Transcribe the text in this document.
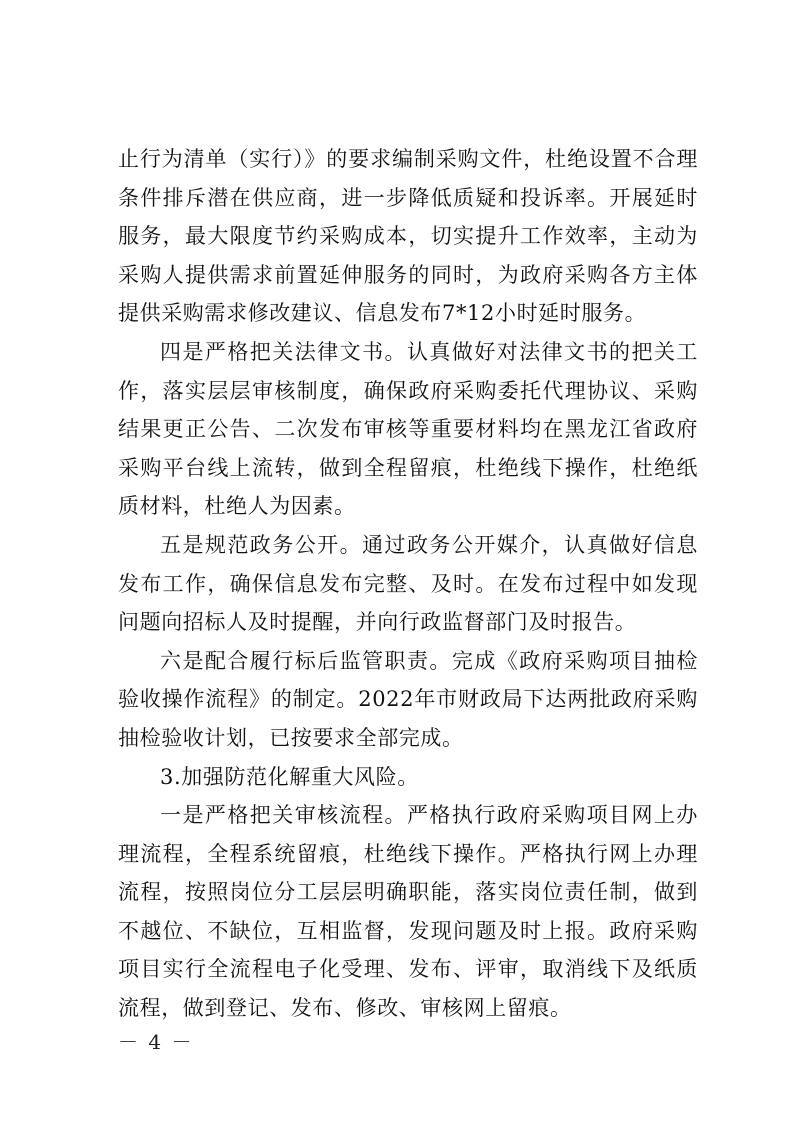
止行为清单（实行）》的要求编制采购文件，杜绝设置不合理条件排斥潜在供应商，进一步降低质疑和投诉率。开展延时服务，最大限度节约采购成本，切实提升工作效率，主动为采购人提供需求前置延伸服务的同时，为政府采购各方主体提供采购需求修改建议、信息发布7*12小时延时服务。

四是严格把关法律文书。认真做好对法律文书的把关工作，落实层层审核制度，确保政府采购委托代理协议、采购结果更正公告、二次发布审核等重要材料均在黑龙江省政府采购平台线上流转，做到全程留痕，杜绝线下操作，杜绝纸质材料，杜绝人为因素。

五是规范政务公开。通过政务公开媒介，认真做好信息发布工作，确保信息发布完整、及时。在发布过程中如发现问题向招标人及时提醒，并向行政监督部门及时报告。

六是配合履行标后监管职责。完成《政府采购项目抽检验收操作流程》的制定。2022年市财政局下达两批政府采购抽检验收计划，已按要求全部完成。

3.加强防范化解重大风险。

一是严格把关审核流程。严格执行政府采购项目网上办理流程，全程系统留痕，杜绝线下操作。严格执行网上办理流程，按照岗位分工层层明确职能，落实岗位责任制，做到不越位、不缺位，互相监督，发现问题及时上报。政府采购项目实行全流程电子化受理、发布、评审，取消线下及纸质流程，做到登记、发布、修改、审核网上留痕。

－ 4 －
